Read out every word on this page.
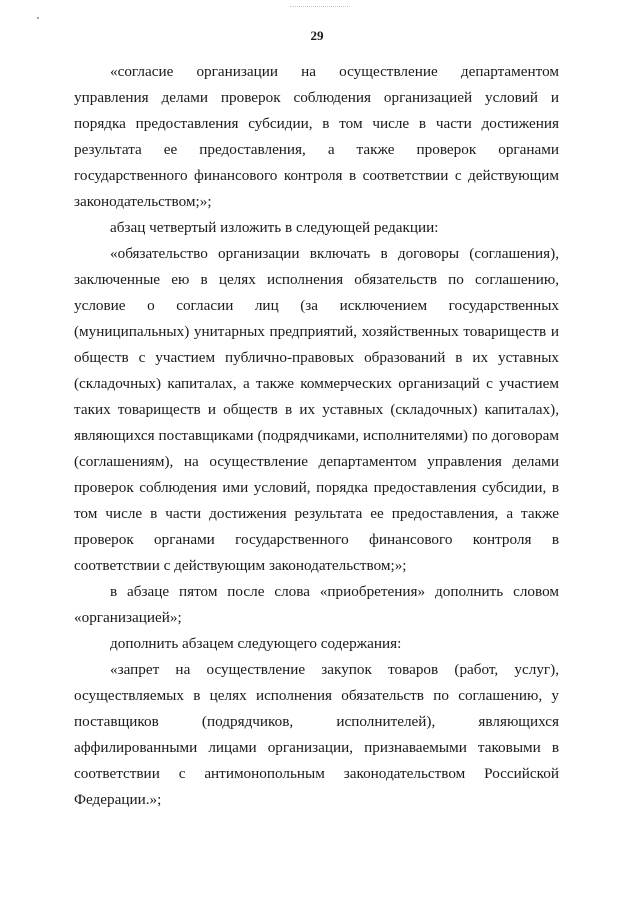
29

«согласие организации на осуществление департаментом управления делами проверок соблюдения организацией условий и порядка предоставления субсидии, в том числе в части достижения результата ее предоставления, а также проверок органами государственного финансового контроля в соответствии с действующим законодательством;»;

абзац четвертый изложить в следующей редакции:

«обязательство организации включать в договоры (соглашения), заключенные ею в целях исполнения обязательств по соглашению, условие о согласии лиц (за исключением государственных (муниципальных) унитарных предприятий, хозяйственных товариществ и обществ с участием публично-правовых образований в их уставных (складочных) капиталах, а также коммерческих организаций с участием таких товариществ и обществ в их уставных (складочных) капиталах), являющихся поставщиками (подрядчиками, исполнителями) по договорам (соглашениям), на осуществление департаментом управления делами проверок соблюдения ими условий, порядка предоставления субсидии, в том числе в части достижения результата ее предоставления, а также проверок органами государственного финансового контроля в соответствии с действующим законодательством;»;

в абзаце пятом после слова «приобретения» дополнить словом «организацией»;

дополнить абзацем следующего содержания:

«запрет на осуществление закупок товаров (работ, услуг), осуществляемых в целях исполнения обязательств по соглашению, у поставщиков (подрядчиков, исполнителей), являющихся аффилированными лицами организации, признаваемыми таковыми в соответствии с антимонопольным законодательством Российской Федерации.»;
